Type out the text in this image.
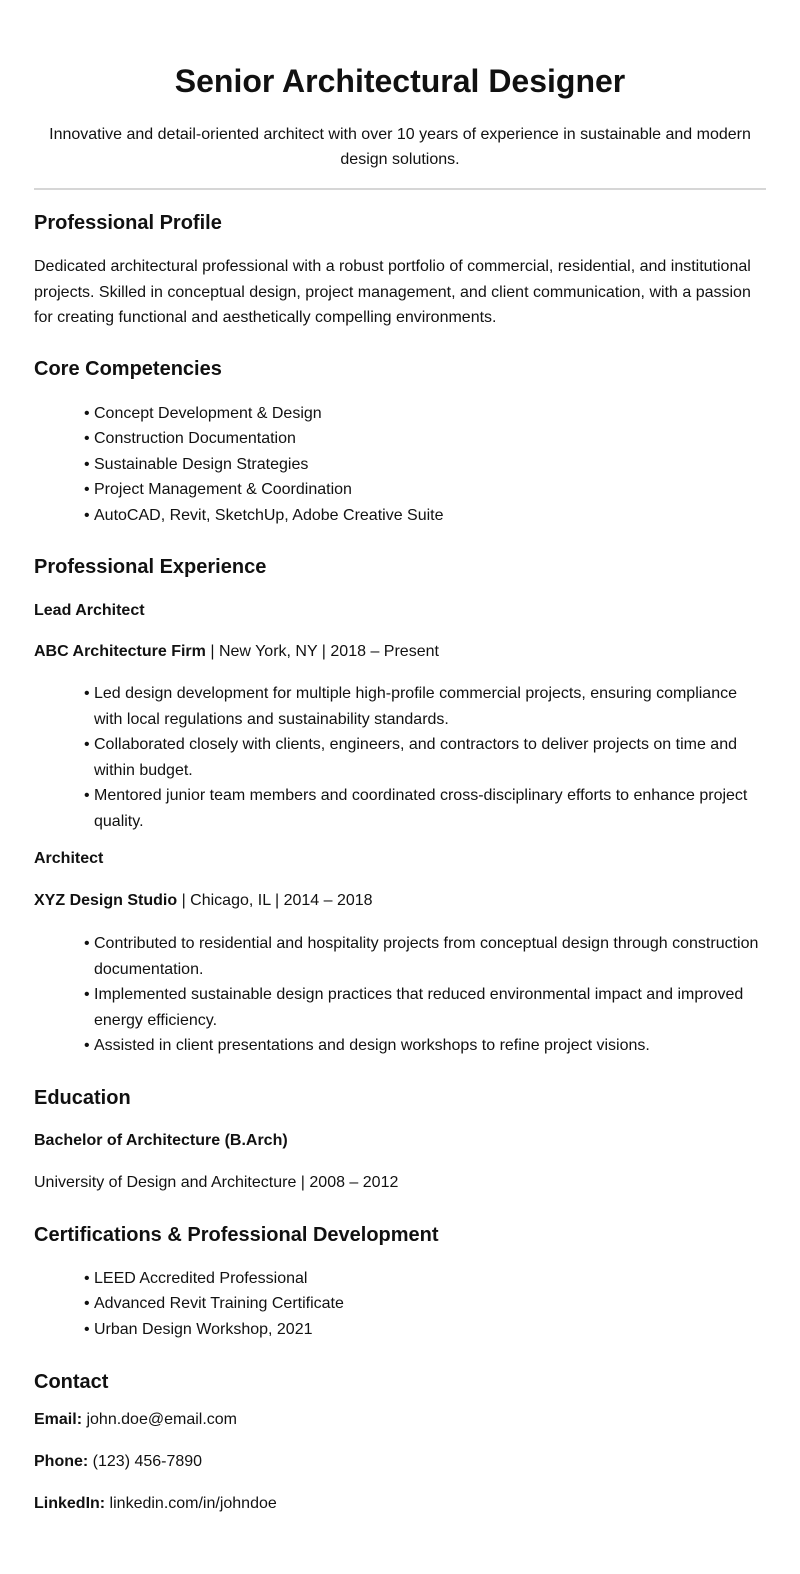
Senior Architectural Designer

Innovative and detail-oriented architect with over 10 years of experience in sustainable and modern design solutions.

Professional Profile

Dedicated architectural professional with a robust portfolio of commercial, residential, and institutional projects. Skilled in conceptual design, project management, and client communication, with a passion for creating functional and aesthetically compelling environments.

Core Competencies
• Concept Development & Design
• Construction Documentation
• Sustainable Design Strategies
• Project Management & Coordination
• AutoCAD, Revit, SketchUp, Adobe Creative Suite
Professional Experience
Lead Architect
ABC Architecture Firm | New York, NY | 2018 – Present
• Led design development for multiple high-profile commercial projects, ensuring compliance with local regulations and sustainability standards.
• Collaborated closely with clients, engineers, and contractors to deliver projects on time and within budget.
• Mentored junior team members and coordinated cross-disciplinary efforts to enhance project quality.
Architect
XYZ Design Studio | Chicago, IL | 2014 – 2018
• Contributed to residential and hospitality projects from conceptual design through construction documentation.
• Implemented sustainable design practices that reduced environmental impact and improved energy efficiency.
• Assisted in client presentations and design workshops to refine project visions.
Education
Bachelor of Architecture (B.Arch)
University of Design and Architecture | 2008 – 2012
Certifications & Professional Development
• LEED Accredited Professional
• Advanced Revit Training Certificate
• Urban Design Workshop, 2021
Contact
Email: john.doe@email.com
Phone: (123) 456-7890
LinkedIn: linkedin.com/in/johndoe
